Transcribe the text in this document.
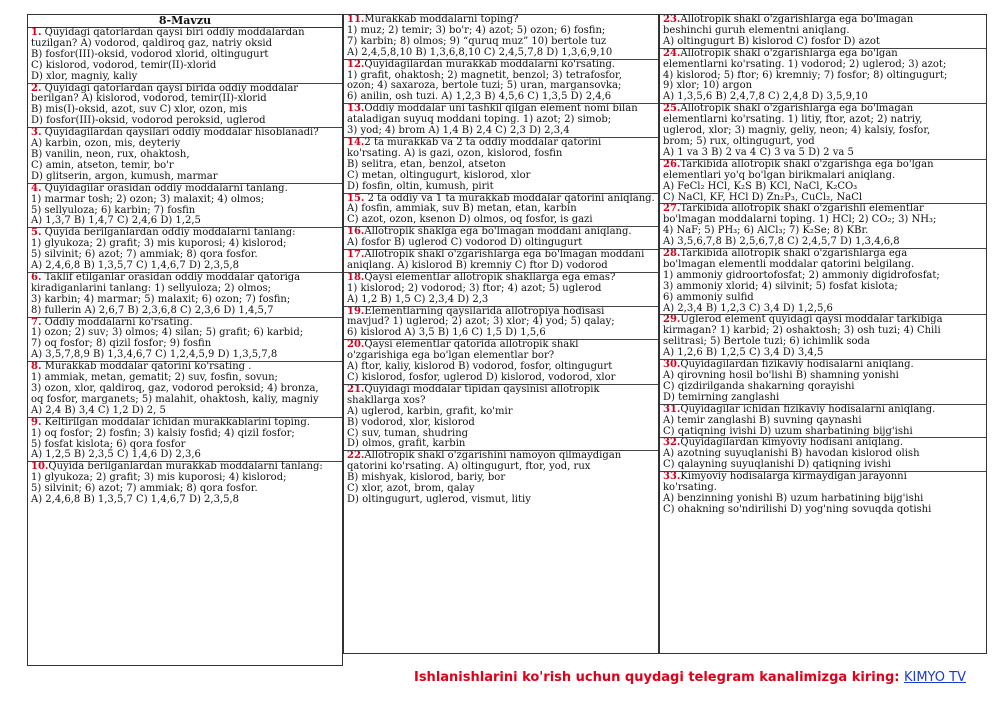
8-Mavzu
1. Quyidagi qatorlardan qaysi biri oddiy moddalardan
tuzilgan? A) vodorod, qaldiroq gaz, natriy oksid
B) fosfor(III)-oksid, vodorod xlorid, oltingugurt
C) kislorod, vodorod, temir(II)-xlorid
D) xlor, magniy, kaliy
2. Quyidagi qatorlardan qaysi birida oddiy moddalar
berilgan? A) kislorod, vodorod, temir(II)-xlorid
B) mis(I)-oksid, azot, suv C) xlor, ozon, mis
D) fosfor(III)-oksid, vodorod peroksid, uglerod
3. Quyidagilardan qaysilari oddiy moddalar hisoblanadi?
A) karbin, ozon, mis, deyteriy
B) vanilin, neon, rux, ohaktosh,
C) amin, atseton, temir, bo'r
D) glitserin, argon, kumush, marmar
4. Quyidagilar orasidan oddiy moddalarni tanlang.
1) marmar tosh; 2) ozon; 3) malaxit; 4) olmos;
5) sellyuloza; 6) karbin; 7) fosfin
A) 1,3,7 B) 1,4,7 C) 2,4,6 D) 1,2,5
5. Quyida berilganlardan oddiy moddalarni tanlang:
1) glyukoza; 2) grafit; 3) mis kuporosi; 4) kislorod;
5) silvinit; 6) azot; 7) ammiak; 8) qora fosfor.
A) 2,4,6,8 B) 1,3,5,7 C) 1,4,6,7 D) 2,3,5,8
6. Taklif etilganlar orasidan oddiy moddalar qatoriga
kiradiganlarini tanlang: 1) sellyuloza; 2) olmos;
3) karbin; 4) marmar; 5) malaxit; 6) ozon; 7) fosfin;
8) fullerin A) 2,6,7 B) 2,3,6,8 C) 2,3,6 D) 1,4,5,7
7. Oddiy moddalarni ko'rsating.
1) ozon; 2) suv; 3) olmos; 4) silan; 5) grafit; 6) karbid;
7) oq fosfor; 8) qizil fosfor; 9) fosfin
A) 3,5,7,8,9 B) 1,3,4,6,7 C) 1,2,4,5,9 D) 1,3,5,7,8
8. Murakkab moddalar qatorini ko'rsating .
1) ammiak, metan, gematit; 2) suv, fosfin, sovun;
3) ozon, xlor, qaldiroq, gaz, vodorod peroksid; 4) bronza,
oq fosfor, marganets; 5) malahit, ohaktosh, kaliy, magniy
A) 2,4 B) 3,4 C) 1,2 D) 2, 5
9. Keltirilgan moddalar ichidan murakkablarini toping.
1) oq fosfor; 2) fosfin; 3) kalsiy fosfid; 4) qizil fosfor;
5) fosfat kislota; 6) qora fosfor
A) 1,2,5 B) 2,3,5 C) 1,4,6 D) 2,3,6
10.Quyida berilganlardan murakkab moddalarni tanlang:
1) glyukoza; 2) grafit; 3) mis kuporosi; 4) kislorod;
5) silvinit; 6) azot; 7) ammiak; 8) qora fosfor.
A) 2,4,6,8 B) 1,3,5,7 C) 1,4,6,7 D) 2,3,5,8
11.Murakkab moddalarni toping?
1) muz; 2) temir; 3) bo'r; 4) azot; 5) ozon; 6) fosfin;
7) karbin; 8) olmos; 9) “quruq muz” 10) bertole tuz
A) 2,4,5,8,10 B) 1,3,6,8,10 C) 2,4,5,7,8 D) 1,3,6,9,10
12.Quyidagilardan murakkab moddalarni ko'rsating.
1) grafit, ohaktosh; 2) magnetit, benzol; 3) tetrafosfor,
ozon; 4) saxaroza, bertole tuzi; 5) uran, margansovka;
6) anilin, osh tuzi. A) 1,2,3 B) 4,5,6 C) 1,3,5 D) 2,4,6
13.Oddiy moddalar uni tashkil qilgan element nomi bilan
atаladigan suyuq moddani toping. 1) azot; 2) simob;
3) yod; 4) brom A) 1,4 B) 2,4 C) 2,3 D) 2,3,4
14.2 ta murakkab va 2 ta oddiy moddalar qatorini
ko'rsating. A) is gazi, ozon, kislorod, fosfin
B) selitra, etan, benzol, atseton
C) metan, oltingugurt, kislorod, xlor
D) fosfin, oltin, kumush, pirit
15. 2 ta oddiy va 1 ta murakkab moddalar qatorini aniqlang.
A) fosfin, ammiak, suv B) metan, etan, karbin
C) azot, ozon, ksenon D) olmos, oq fosfor, is gazi
16.Allotropik shaklga ega bo'lmagan moddani aniqlang.
A) fosfor B) uglerod C) vodorod D) oltingugurt
17.Allotropik shakl o'zgarishlarga ega bo'lmagan moddani
aniqlang. A) kislorod B) kremniy C) ftor D) vodorod
18.Qaysi elementlar allotropik shakllarga ega emas?
1) kislorod; 2) vodorod; 3) ftor; 4) azot; 5) uglerod
A) 1,2 B) 1,5 C) 2,3,4 D) 2,3
19.Elementlarning qaysilarida allotropiya hodisasi
mavjud? 1) uglerod; 2) azot; 3) xlor; 4) yod; 5) qalay;
6) kislorod A) 3,5 B) 1,6 C) 1,5 D) 1,5,6
20.Qaysi elementlar qatorida allotropik shakl
o'zgarishiga ega bo'lgan elementlar bor?
A) ftor, kaliy, kislorod B) vodorod, fosfor, oltingugurt
C) kislorod, fosfor, uglerod D) kislorod, vodorod, xlor
21.Quyidagi moddalar tipidan qaysinisi allotropik
shakllarga xos?
A) uglerod, karbin, grafit, ko'mir
B) vodorod, xlor, kislorod
C) suv, tuman, shudring
D) olmos, grafit, karbin
22.Allotropik shakl o'zgarishini namoyon qilmaydigan
qatorini ko'rsating. A) oltingugurt, ftor, yod, rux
B) mishyak, kislorod, bariy, bor
C) xlor, azot, brom, qalay
D) oltingugurt, uglerod, vismut, litiy
23.Allotropik shakl o'zgarishlarga ega bo'lmagan
beshinchi guruh elementni aniqlang.
A) oltingugurt B) kislorod C) fosfor D) azot
24.Allotropik shakl o'zgarishlarga ega bo'lgan
elementlarni ko'rsating. 1) vodorod; 2) uglerod; 3) azot;
4) kislorod; 5) ftor; 6) kremniy; 7) fosfor; 8) oltingugurt;
9) xlor; 10) argon
A) 1,3,5,6 B) 2,4,7,8 C) 2,4,8 D) 3,5,9,10
25.Allotropik shakl o'zgarishlarga ega bo'lmagan
elementlarni ko'rsating. 1) litiy, ftor, azot; 2) natriy,
uglerod, xlor; 3) magniy, geliy, neon; 4) kalsiy, fosfor,
brom; 5) rux, oltingugurt, yod
A) 1 va 3 B) 2 va 4 C) 3 va 5 D) 2 va 5
26.Tarkibida allotropik shakl o'zgarishga ega bo'lgan
elementlari yo'q bo'lgan birikmalari aniqlang.
A) FeCl₂ HCl, K₂S B) KCl, NaCl, K₂CO₃
C) NaCl, KF, HCl D) Zn₂P₃, CuCl₂, NaCl
27.Tarkibida allotropik shakl o'zgarishli elementlar
bo'lmagan moddalarni toping. 1) HCl; 2) CO₂; 3) NH₃;
4) NaF; 5) PH₃; 6) AlCl₃; 7) K₂Se; 8) KBr.
A) 3,5,6,7,8 B) 2,5,6,7,8 C) 2,4,5,7 D) 1,3,4,6,8
28.Tarkibida allotropik shakl o'zgarishlarga ega
bo'lmagan elementli moddalar qatorini belgilang.
1) ammoniy gidroortofosfat; 2) ammoniy digidrofosfat;
3) ammoniy xlorid; 4) silvinit; 5) fosfat kislota;
6) ammoniy sulfid
A) 2,3,4 B) 1,2,3 C) 3,4 D) 1,2,5,6
29.Uglerod element quyidagi qaysi moddalar tarkibiga
kirmagan? 1) karbid; 2) oshaktosh; 3) osh tuzi; 4) Chili
selitrasi; 5) Bertole tuzi; 6) ichimlik soda
A) 1,2,6 B) 1,2,5 C) 3,4 D) 3,4,5
30.Quyidagilardan fizikaviy hodisalarni aniqlang.
A) qirovning hosil bo'lishi B) shamning yonishi
C) qizdirilganda shakarning qorayishi
D) temirning zanglashi
31.Quyidagilar ichidan fizikaviy hodisalarni aniqlang.
A) temir zanglashi B) suvning qaynashi
C) qatiqning ivishi D) uzum sharbatining bijg'ishi
32.Quyidagilardan kimyoviy hodisani aniqlang.
A) azotning suyuqlanishi B) havodan kislorod olish
C) qalayning suyuqlanishi D) qatiqning ivishi
33.Kimyoviy hodisalarga kirmaydigan jarayonni
ko'rsating.
A) benzinning yonishi B) uzum harbatining bijg'ishi
C) ohakning so'ndirilishi D) yog'ning sovuqda qotishi
Ishlanishlarini ko'rish uchun quydagi telegram kanalimizga kiring: KIMYO TV
